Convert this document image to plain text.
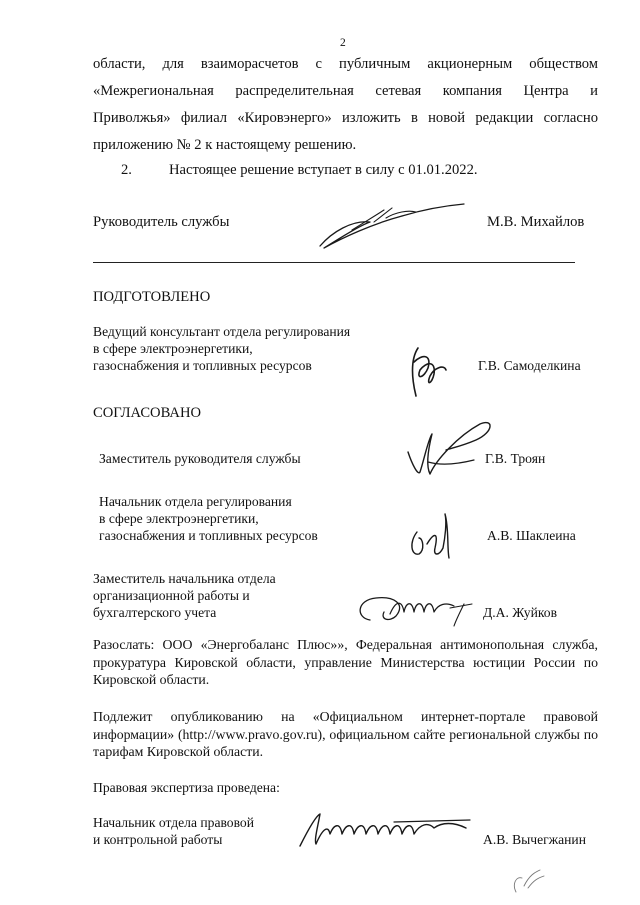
2
области, для взаиморасчетов с публичным акционерным обществом
«Межрегиональная распределительная сетевая компания Центра и
Приволжья» филиал «Кировэнерго» изложить в новой редакции согласно
приложению № 2 к настоящему решению.
2.	Настоящее решение вступает в силу с 01.01.2022.
Руководитель службы	М.В. Михайлов
ПОДГОТОВЛЕНО
Ведущий консультант отдела регулирования
в сфере электроэнергетики,
газоснабжения и топливных ресурсов	Г.В. Самоделкина
СОГЛАСОВАНО
Заместитель руководителя службы	Г.В. Троян
Начальник отдела регулирования
в сфере электроэнергетики,
газоснабжения и топливных ресурсов	А.В. Шаклеина
Заместитель начальника отдела
организационной работы и
бухгалтерского учета	Д.А. Жуйков
Разослать: ООО «Энергобаланс Плюс»», Федеральная антимонопольная служба, прокуратура Кировской области, управление Министерства юстиции России по Кировской области.
Подлежит опубликованию на «Официальном интернет-портале правовой информации» (http://www.pravo.gov.ru), официальном сайте региональной службы по тарифам Кировской области.
Правовая экспертиза проведена:
Начальник отдела правовой
и контрольной работы	А.В. Вычегжанин
